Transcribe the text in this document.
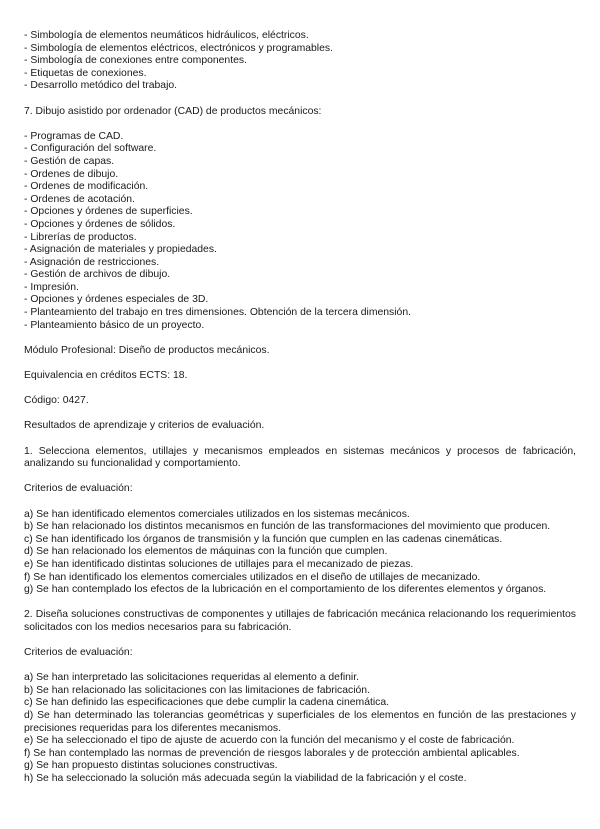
- Simbología de elementos neumáticos hidráulicos, eléctricos.
- Simbología de elementos eléctricos, electrónicos y programables.
- Simbología de conexiones entre componentes.
- Etiquetas de conexiones.
- Desarrollo metódico del trabajo.
7. Dibujo asistido por ordenador (CAD) de productos mecánicos:
- Programas de CAD.
- Configuración del software.
- Gestión de capas.
- Ordenes de dibujo.
- Ordenes de modificación.
- Ordenes de acotación.
- Opciones y órdenes de superficies.
- Opciones y órdenes de sólidos.
- Librerías de productos.
- Asignación de materiales y propiedades.
- Asignación de restricciones.
- Gestión de archivos de dibujo.
- Impresión.
- Opciones y órdenes especiales de 3D.
- Planteamiento del trabajo en tres dimensiones. Obtención de la tercera dimensión.
- Planteamiento básico de un proyecto.
Módulo Profesional: Diseño de productos mecánicos.
Equivalencia en créditos ECTS: 18.
Código: 0427.
Resultados de aprendizaje y criterios de evaluación.
1. Selecciona elementos, utillajes y mecanismos empleados en sistemas mecánicos y procesos de fabricación, analizando su funcionalidad y comportamiento.
Criterios de evaluación:
a) Se han identificado elementos comerciales utilizados en los sistemas mecánicos.
b) Se han relacionado los distintos mecanismos en función de las transformaciones del movimiento que producen.
c) Se han identificado los órganos de transmisión y la función que cumplen en las cadenas cinemáticas.
d) Se han relacionado los elementos de máquinas con la función que cumplen.
e) Se han identificado distintas soluciones de utillajes para el mecanizado de piezas.
f) Se han identificado los elementos comerciales utilizados en el diseño de utillajes de mecanizado.
g) Se han contemplado los efectos de la lubricación en el comportamiento de los diferentes elementos y órganos.
2. Diseña soluciones constructivas de componentes y utillajes de fabricación mecánica relacionando los requerimientos solicitados con los medios necesarios para su fabricación.
Criterios de evaluación:
a) Se han interpretado las solicitaciones requeridas al elemento a definir.
b) Se han relacionado las solicitaciones con las limitaciones de fabricación.
c) Se han definido las especificaciones que debe cumplir la cadena cinemática.
d) Se han determinado las tolerancias geométricas y superficiales de los elementos en función de las prestaciones y precisiones requeridas para los diferentes mecanismos.
e) Se ha seleccionado el tipo de ajuste de acuerdo con la función del mecanismo y el coste de fabricación.
f) Se han contemplado las normas de prevención de riesgos laborales y de protección ambiental aplicables.
g) Se han propuesto distintas soluciones constructivas.
h) Se ha seleccionado la solución más adecuada según la viabilidad de la fabricación y el coste.
